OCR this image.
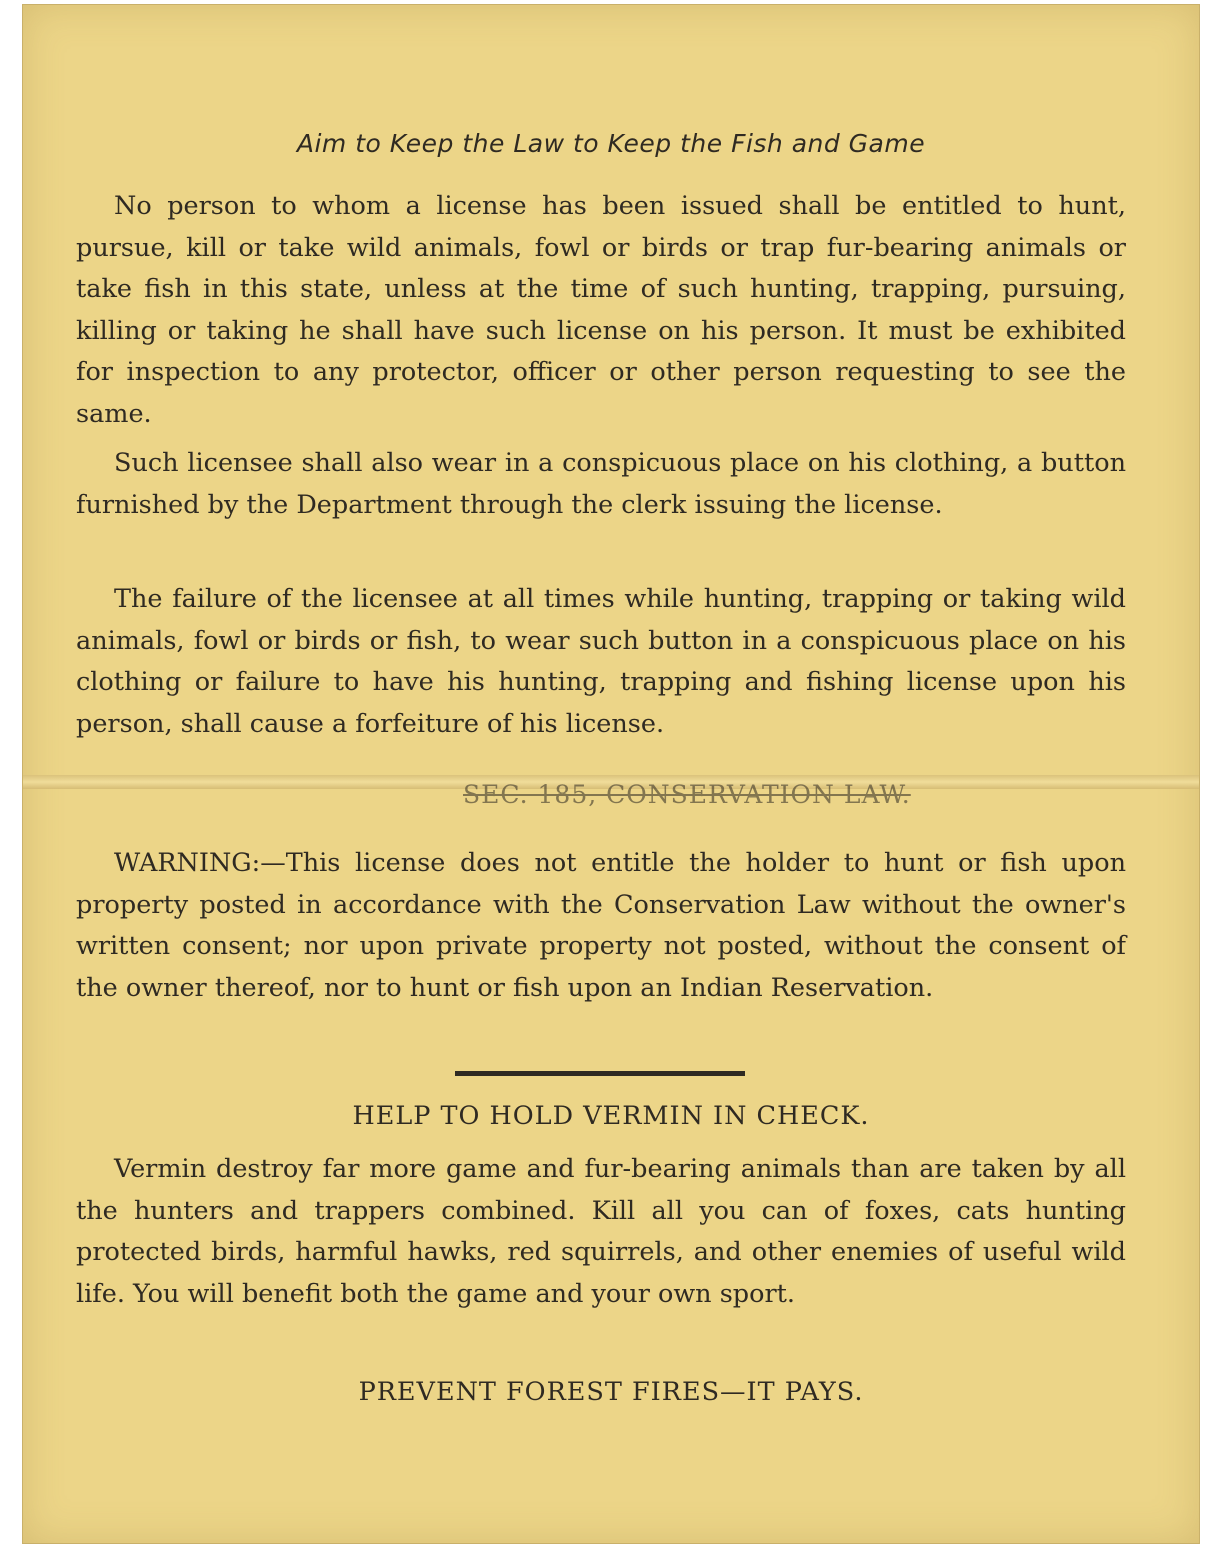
Aim to Keep the Law to Keep the Fish and Game

No person to whom a license has been issued shall be entitled to hunt, pursue, kill or take wild animals, fowl or birds or trap fur-bearing animals or take fish in this state, unless at the time of such hunting, trapping, pursuing, killing or taking he shall have such license on his person. It must be exhibited for inspection to any protector, officer or other person requesting to see the same.

Such licensee shall also wear in a conspicuous place on his clothing, a button furnished by the Department through the clerk issuing the license.

The failure of the licensee at all times while hunting, trapping or taking wild animals, fowl or birds or fish, to wear such button in a conspicuous place on his clothing or failure to have his hunting, trapping and fishing license upon his person, shall cause a forfeiture of his license.

SEC. 185, CONSERVATION LAW.

WARNING:—This license does not entitle the holder to hunt or fish upon property posted in accordance with the Conservation Law without the owner's written consent; nor upon private property not posted, without the consent of the owner thereof, nor to hunt or fish upon an Indian Reservation.

HELP TO HOLD VERMIN IN CHECK.

Vermin destroy far more game and fur-bearing animals than are taken by all the hunters and trappers combined. Kill all you can of foxes, cats hunting protected birds, harmful hawks, red squirrels, and other enemies of useful wild life. You will benefit both the game and your own sport.

PREVENT FOREST FIRES—IT PAYS.
